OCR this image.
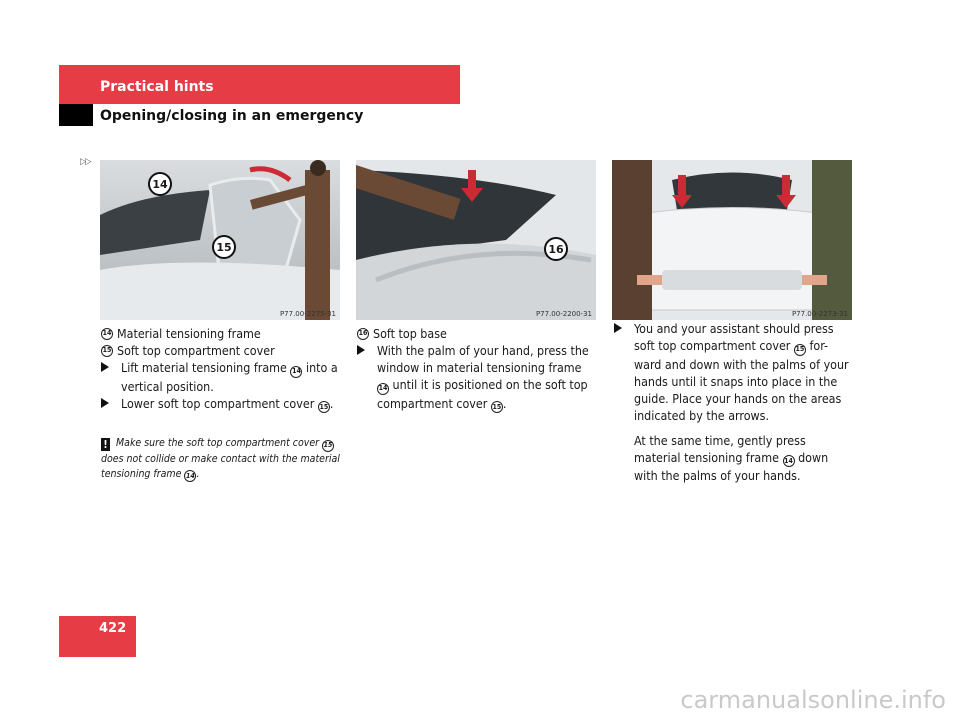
Practical hints
Opening/closing in an emergency
▷▷
14
15
P77.00-2275-31
16
P77.00-2200-31	P77.00-2273-31

14 Material tensioning frame

15 Soft top compartment cover

Lift material tensioning frame 14 into a vertical position.

Lower soft top compartment cover 15 .

! Make sure the soft top compartment cover 15 does not collide or make contact with the material tensioning frame 14 .

16 Soft top base

With the palm of your hand, press the window in material tensioning frame 14 until it is positioned on the soft top compartment cover 15 .

You and your assistant should press soft top compartment cover 15 for-ward and down with the palms of your hands until it snaps into place in the guide. Place your hands on the areas indicated by the arrows.

At the same time, gently press material tensioning frame 14 down with the palms of your hands.

422
carmanualsonline.info
